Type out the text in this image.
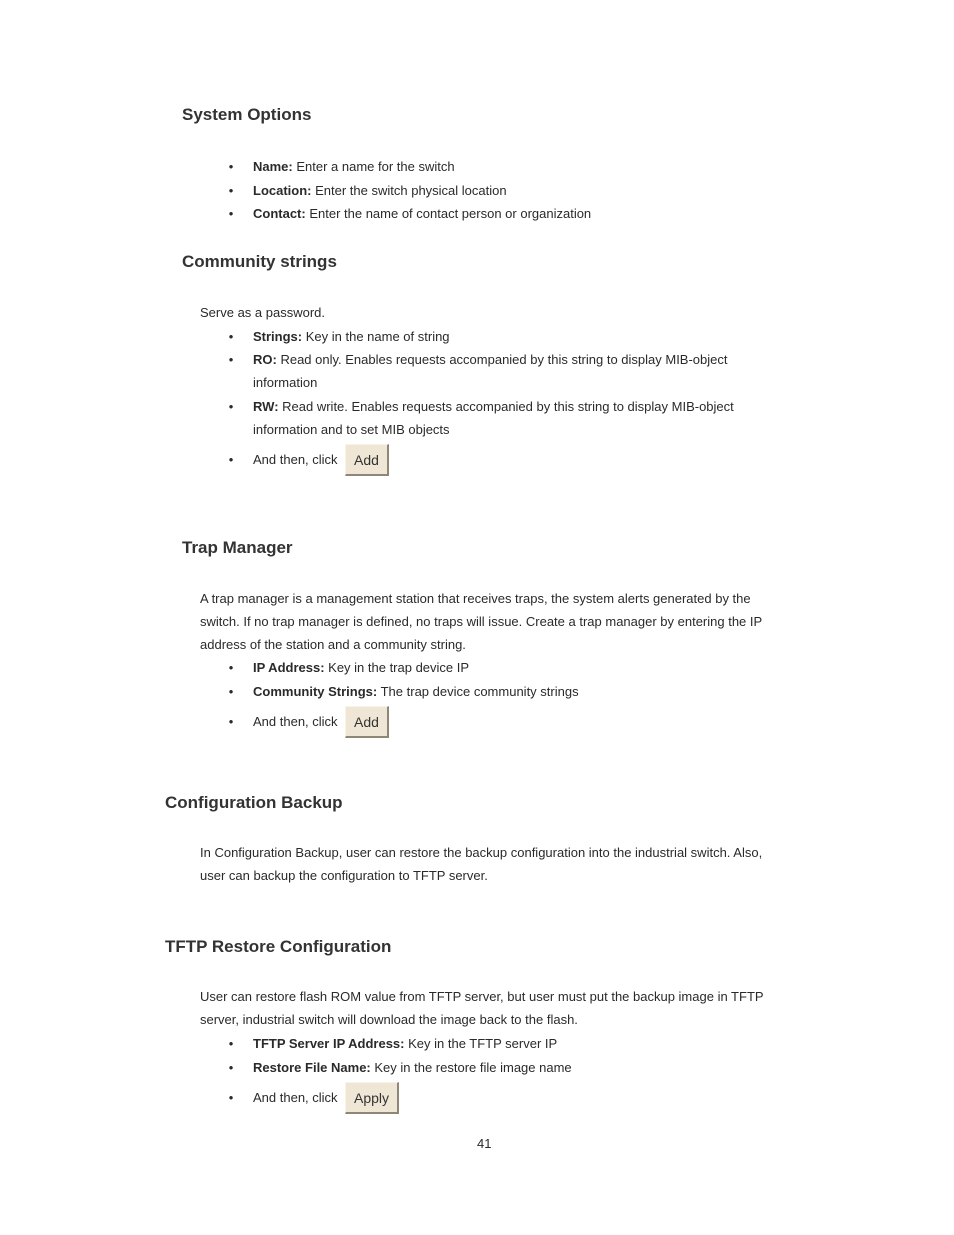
System Options
• Name: Enter a name for the switch
• Location: Enter the switch physical location
• Contact: Enter the name of contact person or organization
Community strings

Serve as a password.

• Strings: Key in the name of string
• RO: Read only. Enables requests accompanied by this string to display MIB-object information
• RW: Read write. Enables requests accompanied by this string to display MIB-object information and to set MIB objects
• And then, click	Add
Trap Manager

A trap manager is a management station that receives traps, the system alerts generated by the switch. If no trap manager is defined, no traps will issue. Create a trap manager by entering the IP address of the station and a community string.

• IP Address: Key in the trap device IP
• Community Strings: The trap device community strings
• And then, click	Add
Configuration Backup

In Configuration Backup, user can restore the backup configuration into the industrial switch. Also, user can backup the configuration to TFTP server.

TFTP Restore Configuration

User can restore flash ROM value from TFTP server, but user must put the backup image in TFTP server, industrial switch will download the image back to the flash.

• TFTP Server IP Address: Key in the TFTP server IP
• Restore File Name: Key in the restore file image name
• And then, click	Apply
41
